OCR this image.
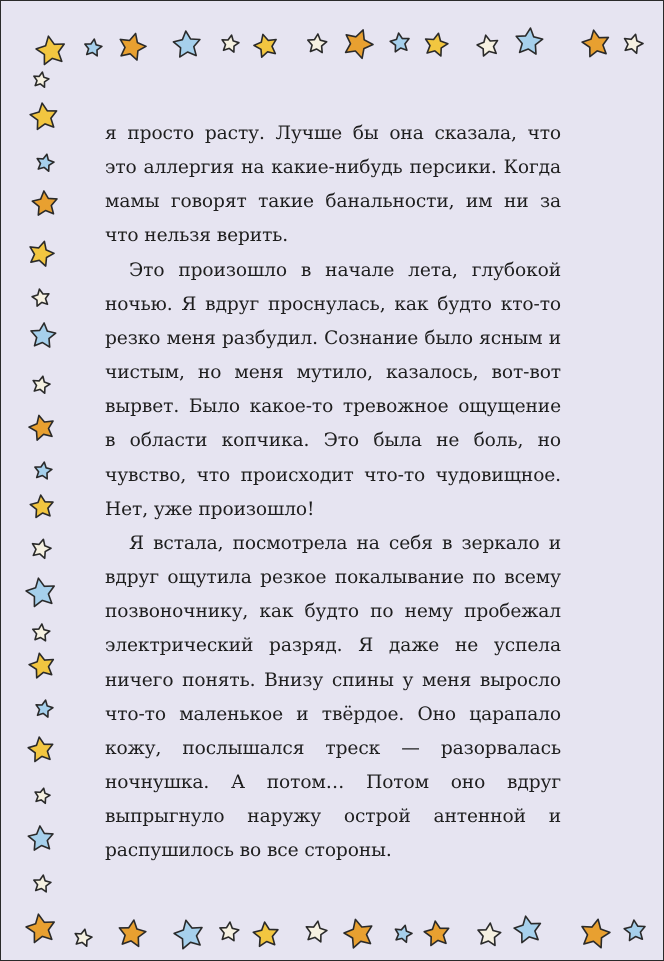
я просто расту. Лучше бы она сказала, что это аллергия на какие-нибудь персики. Когда мамы говорят такие банальности, им ни за что нельзя верить.

Это произошло в начале лета, глубокой ночью. Я вдруг проснулась, как будто кто-то резко меня разбудил. Сознание было ясным и чистым, но меня мутило, казалось, вот-вот вырвет. Было какое-то тревожное ощущение в области копчика. Это была не боль, но чувство, что происходит что-то чудовищное. Нет, уже произошло!

Я встала, посмотрела на себя в зеркало и вдруг ощутила резкое покалывание по всему позвоночнику, как будто по нему пробежал электрический разряд. Я даже не успела ничего понять. Внизу спины у меня выросло что-то маленькое и твёрдое. Оно царапало кожу, послышался треск — разорвалась ночнушка. А потом… Потом оно вдруг выпрыгнуло наружу острой антенной и распушилось во все стороны.
